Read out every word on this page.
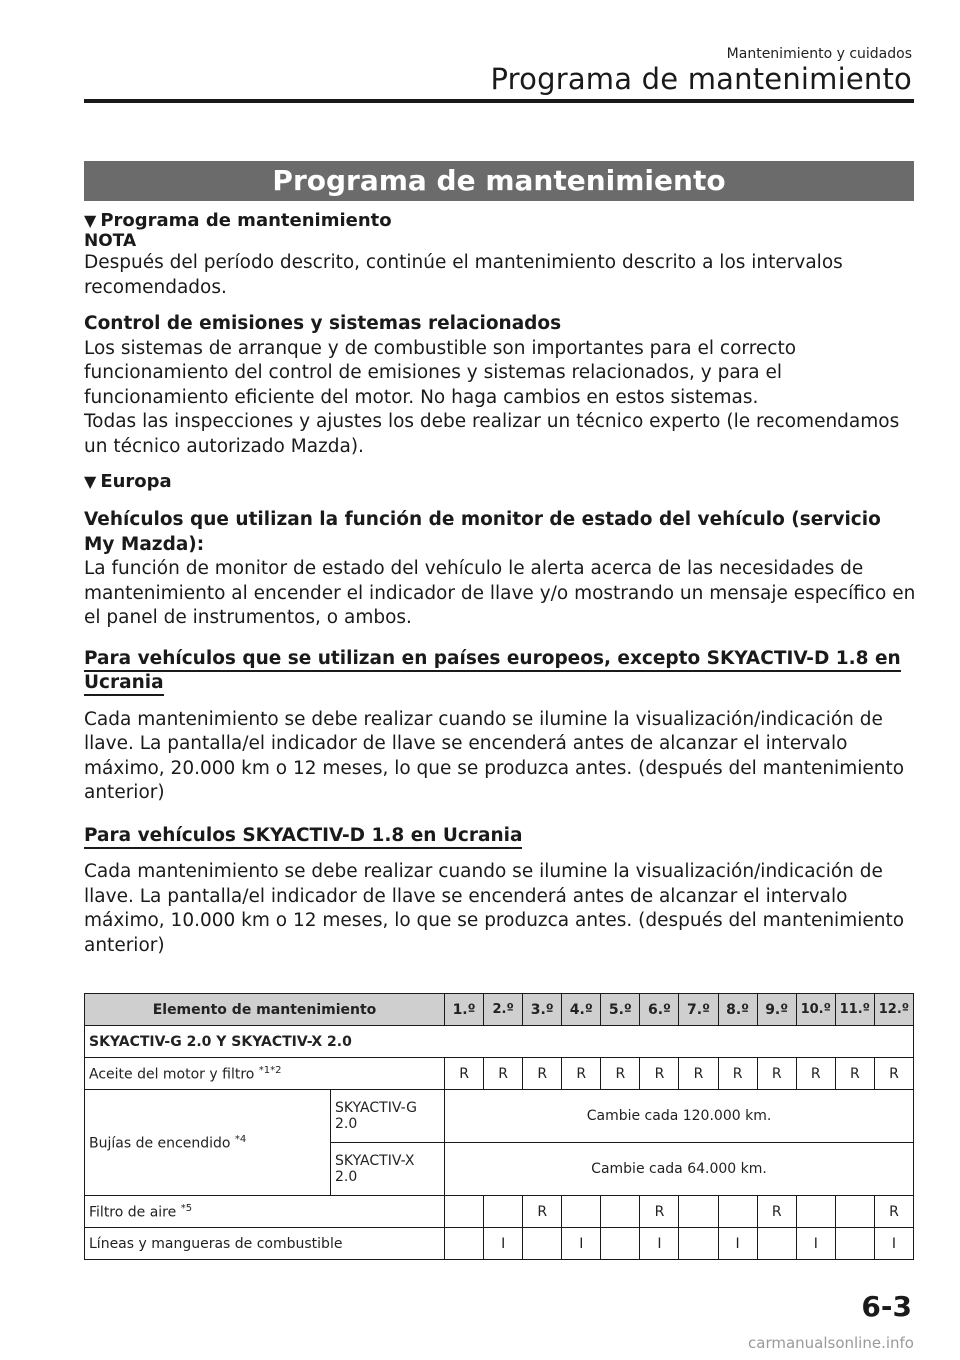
Mantenimiento y cuidados
Programa de mantenimiento
Programa de mantenimiento

▼ Programa de mantenimiento

NOTA

Después del período descrito, continúe el mantenimiento descrito a los intervalos recomendados.

Control de emisiones y sistemas relacionados

Los sistemas de arranque y de combustible son importantes para el correcto funcionamiento del control de emisiones y sistemas relacionados, y para el funcionamiento eficiente del motor. No haga cambios en estos sistemas.

Todas las inspecciones y ajustes los debe realizar un técnico experto (le recomendamos un técnico autorizado Mazda).

▼ Europa

Vehículos que utilizan la función de monitor de estado del vehículo (servicio My Mazda):

La función de monitor de estado del vehículo le alerta acerca de las necesidades de mantenimiento al encender el indicador de llave y/o mostrando un mensaje específico en el panel de instrumentos, o ambos.

Para vehículos que se utilizan en países europeos, excepto SKYACTIV-D 1.8 en Ucrania

Cada mantenimiento se debe realizar cuando se ilumine la visualización/indicación de llave. La pantalla/el indicador de llave se encenderá antes de alcanzar el intervalo máximo, 20.000 km o 12 meses, lo que se produzca antes. (después del mantenimiento anterior)

Para vehículos SKYACTIV-D 1.8 en Ucrania

Cada mantenimiento se debe realizar cuando se ilumine la visualización/indicación de llave. La pantalla/el indicador de llave se encenderá antes de alcanzar el intervalo máximo, 10.000 km o 12 meses, lo que se produzca antes. (después del mantenimiento anterior)

Elemento de mantenimiento		1.º	2.º	3.º	4.º	5.º	6.º	7.º	8.º	9.º	10.º	11.º	12.º
SKYACTIV-G 2.0 Y SKYACTIV-X 2.0													
Aceite del motor y filtro $^{*1*2}$		R	R	R	R	R	R	R	R	R	R	R	R
Bujías de encendido $^{*4}$	SKYACTIV-G 2.0	Cambie cada 120.000 km.											
	SKYACTIV-X 2.0	Cambie cada 64.000 km.											
Filtro de aire $^{*5}$				R			R			R			R
Líneas y mangueras de combustible			I		I		I		I		I		I
6-3
carmanualsonline.info
